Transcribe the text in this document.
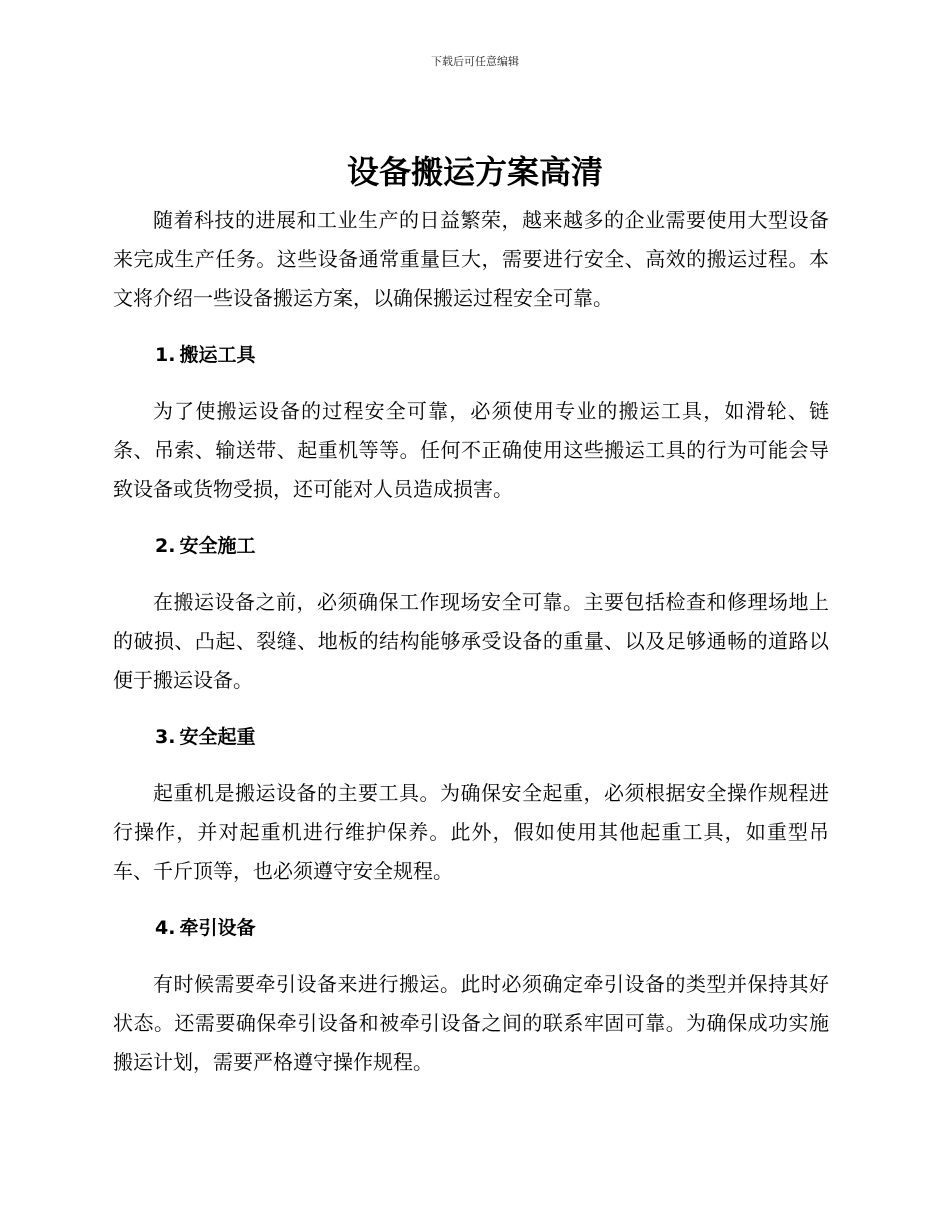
下载后可任意编辑
设备搬运方案高清

随着科技的进展和工业生产的日益繁荣，越来越多的企业需要使用大型设备来完成生产任务。这些设备通常重量巨大，需要进行安全、高效的搬运过程。本文将介绍一些设备搬运方案，以确保搬运过程安全可靠。

1. 搬运工具

为了使搬运设备的过程安全可靠，必须使用专业的搬运工具，如滑轮、链条、吊索、输送带、起重机等等。任何不正确使用这些搬运工具的行为可能会导致设备或货物受损，还可能对人员造成损害。

2. 安全施工

在搬运设备之前，必须确保工作现场安全可靠。主要包括检查和修理场地上的破损、凸起、裂缝、地板的结构能够承受设备的重量、以及足够通畅的道路以便于搬运设备。

3. 安全起重

起重机是搬运设备的主要工具。为确保安全起重，必须根据安全操作规程进行操作，并对起重机进行维护保养。此外，假如使用其他起重工具，如重型吊车、千斤顶等，也必须遵守安全规程。

4. 牵引设备

有时候需要牵引设备来进行搬运。此时必须确定牵引设备的类型并保持其好状态。还需要确保牵引设备和被牵引设备之间的联系牢固可靠。为确保成功实施搬运计划，需要严格遵守操作规程。
